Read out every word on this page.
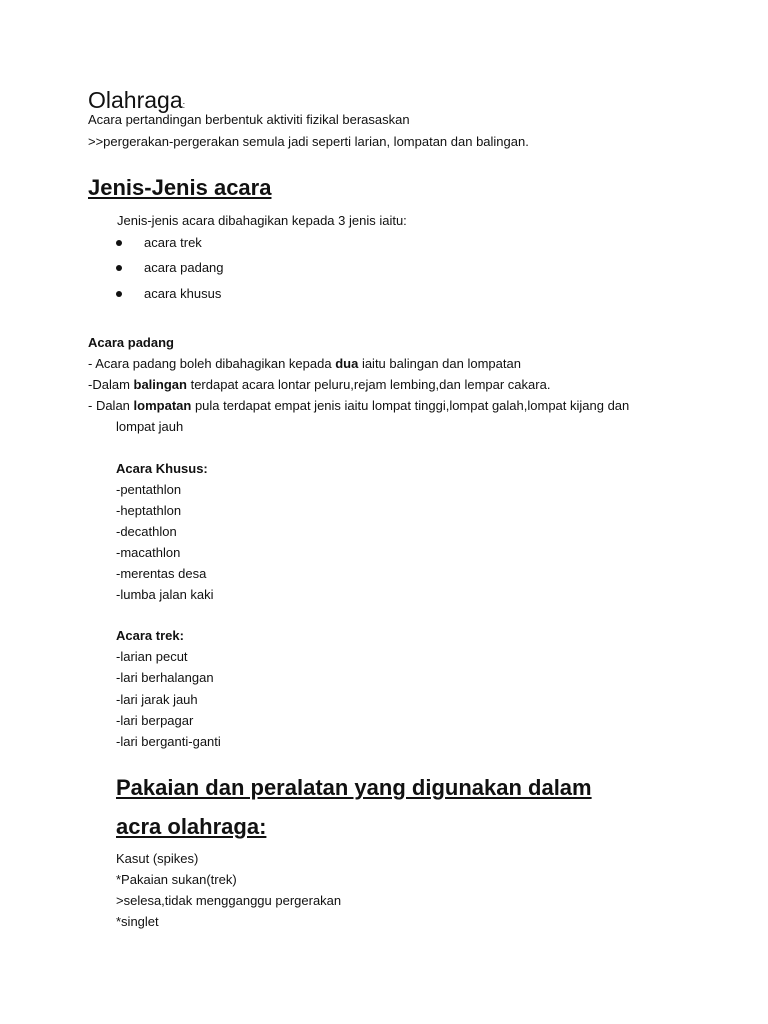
Olahraga:
Acara pertandingan berbentuk aktiviti fizikal berasaskan
>>pergerakan-pergerakan semula jadi seperti larian, lompatan dan balingan.
Jenis-Jenis acara
Jenis-jenis acara dibahagikan kepada 3 jenis iaitu:
acara trek
acara padang
acara khusus
Acara padang
- Acara padang boleh dibahagikan kepada dua iaitu balingan dan lompatan
-Dalam balingan terdapat acara lontar peluru,rejam lembing,dan lempar cakara.
- Dalan lompatan pula terdapat empat jenis iaitu lompat tinggi,lompat galah,lompat kijang dan
lompat jauh
Acara Khusus:
-pentathlon
-heptathlon
-decathlon
-macathlon
-merentas desa
-lumba jalan kaki
Acara trek:
-larian pecut
-lari berhalangan
-lari jarak jauh
-lari berpagar
-lari berganti-ganti
Pakaian dan peralatan yang digunakan dalam
acra olahraga:
Kasut (spikes)
*Pakaian sukan(trek)
>selesa,tidak mengganggu pergerakan
*singlet
